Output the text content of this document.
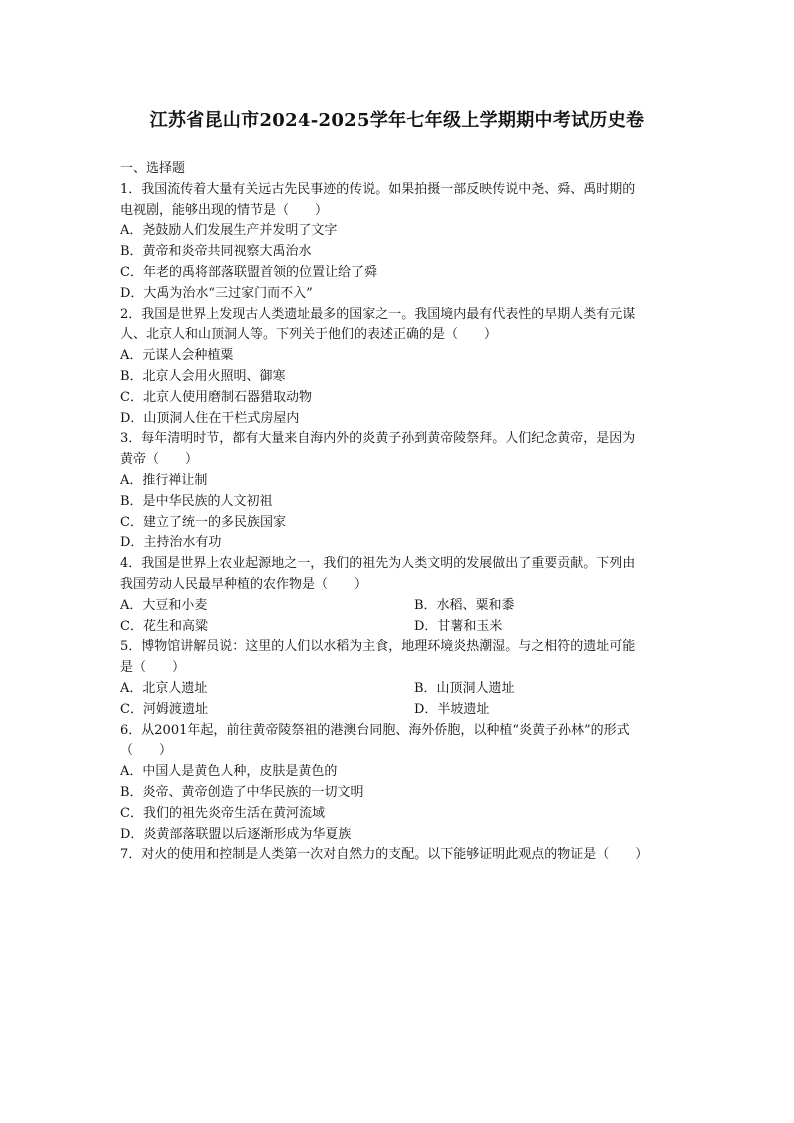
江苏省昆山市2024-2025学年七年级上学期期中考试历史卷
一、选择题
1．我国流传着大量有关远古先民事迹的传说。如果拍摄一部反映传说中尧、舜、禹时期的
电视剧，能够出现的情节是（　　）
A．尧鼓励人们发展生产并发明了文字
B．黄帝和炎帝共同视察大禹治水
C．年老的禹将部落联盟首领的位置让给了舜
D．大禹为治水“三过家门而不入”
2．我国是世界上发现古人类遗址最多的国家之一。我国境内最有代表性的早期人类有元谋
人、北京人和山顶洞人等。下列关于他们的表述正确的是（　　）
A．元谋人会种植粟
B．北京人会用火照明、御寒
C．北京人使用磨制石器猎取动物
D．山顶洞人住在干栏式房屋内
3．每年清明时节，都有大量来自海内外的炎黄子孙到黄帝陵祭拜。人们纪念黄帝，是因为
黄帝（　　）
A．推行禅让制
B．是中华民族的人文初祖
C．建立了统一的多民族国家
D．主持治水有功
4．我国是世界上农业起源地之一，我们的祖先为人类文明的发展做出了重要贡献。下列由
我国劳动人民最早种植的农作物是（　　）
A．大豆和小麦	B．水稻、粟和黍
C．花生和高粱	D．甘薯和玉米
5．博物馆讲解员说：这里的人们以水稻为主食，地理环境炎热潮湿。与之相符的遗址可能
是（　　）
A．北京人遗址	B．山顶洞人遗址
C．河姆渡遗址	D．半坡遗址
6．从2001年起，前往黄帝陵祭祖的港澳台同胞、海外侨胞，以种植“炎黄子孙林”的形式
（　　）
A．中国人是黄色人种，皮肤是黄色的
B．炎帝、黄帝创造了中华民族的一切文明
C．我们的祖先炎帝生活在黄河流域
D．炎黄部落联盟以后逐渐形成为华夏族
7．对火的使用和控制是人类第一次对自然力的支配。以下能够证明此观点的物证是（　　）
